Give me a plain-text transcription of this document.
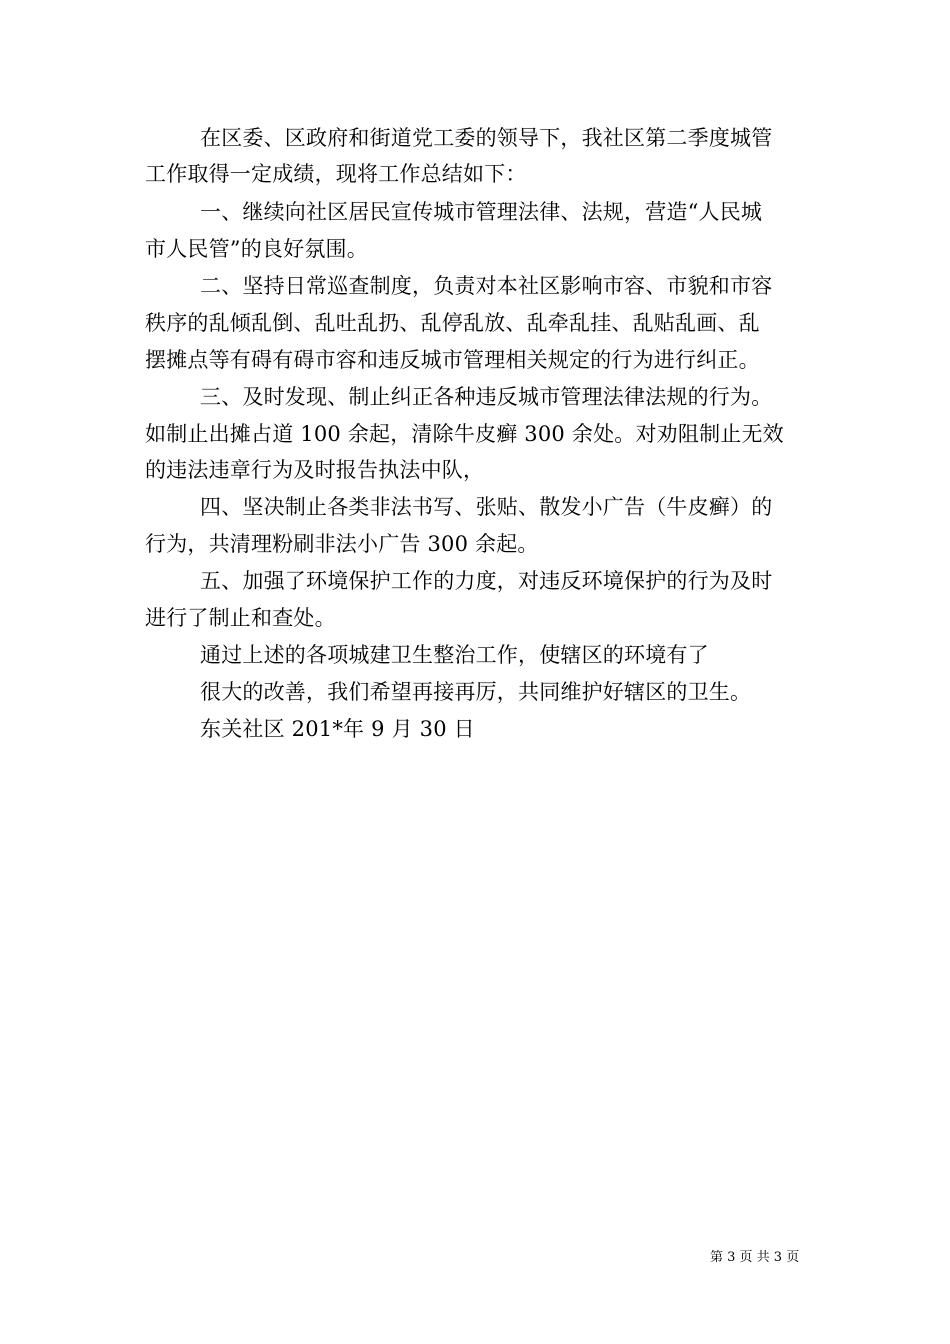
在区委、区政府和街道党工委的领导下，我社区第二季度城管
工作取得一定成绩，现将工作总结如下：
一、继续向社区居民宣传城市管理法律、法规，营造“人民城
市人民管”的良好氛围。
二、坚持日常巡查制度，负责对本社区影响市容、市貌和市容
秩序的乱倾乱倒、乱吐乱扔、乱停乱放、乱牵乱挂、乱贴乱画、乱
摆摊点等有碍有碍市容和违反城市管理相关规定的行为进行纠正。
三、及时发现、制止纠正各种违反城市管理法律法规的行为。
如制止出摊占道 100 余起，清除牛皮癣 300 余处。对劝阻制止无效
的违法违章行为及时报告执法中队，
四、坚决制止各类非法书写、张贴、散发小广告（牛皮癣）的
行为，共清理粉刷非法小广告 300 余起。
五、加强了环境保护工作的力度，对违反环境保护的行为及时
进行了制止和查处。
通过上述的各项城建卫生整治工作，使辖区的环境有了
很大的改善，我们希望再接再厉，共同维护好辖区的卫生。
东关社区 201*年 9 月 30 日
第 3 页 共 3 页
